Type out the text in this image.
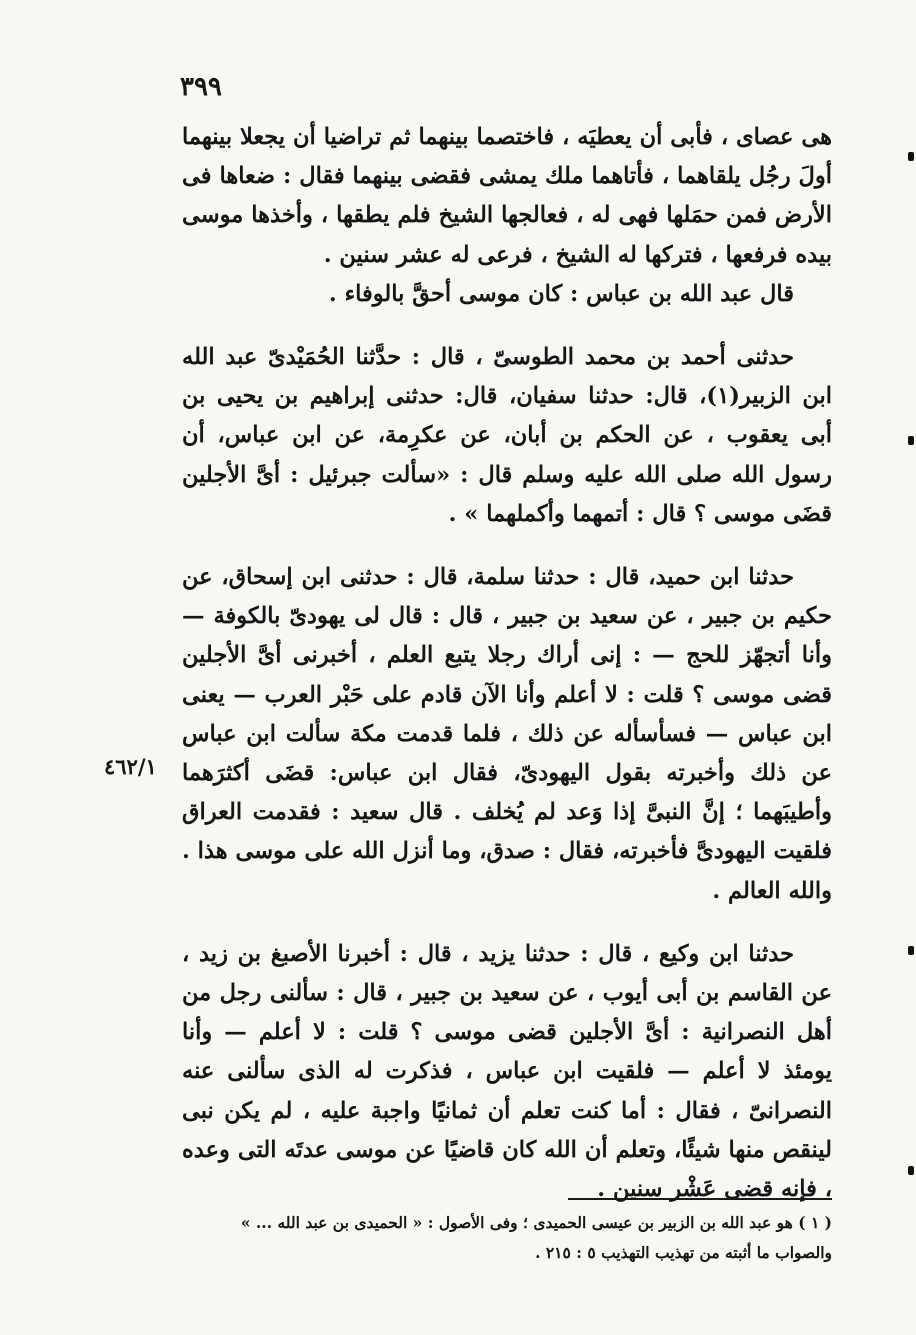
٣٩٩

هى عصاى ، فأبى أن يعطيَه ، فاختصما بينهما ثم تراضيا أن يجعلا بينهما أولَ رجُل يلقاهما ، فأتاهما ملك يمشى فقضى بينهما فقال : ضعاها فى الأرض فمن حمَلها فهى له ، فعالجها الشيخ فلم يطقها ، وأخذها موسى بيده فرفعها ، فتركها له الشيخ ، فرعى له عشر سنين .

قال عبد الله بن عباس : كان موسى أحقَّ بالوفاء .

حدثنى أحمد بن محمد الطوسىّ ، قال : حدَّثنا الحُمَيْدىّ عبد الله ابن الزبير(١)، قال: حدثنا سفيان، قال: حدثنى إبراهيم بن يحيى بن أبى يعقوب ، عن الحكم بن أبان، عن عكرِمة، عن ابن عباس، أن رسول الله صلى الله عليه وسلم قال : «سألت جبرئيل : أىَّ الأجلين قضَى موسى ؟ قال : أتمهما وأكملهما » .

حدثنا ابن حميد، قال : حدثنا سلمة، قال : حدثنى ابن إسحاق، عن حكيم بن جبير ، عن سعيد بن جبير ، قال : قال لى يهودىّ بالكوفة — وأنا أتجهّز للحج — : إنى أراك رجلا يتبع العلم ، أخبرنى أىَّ الأجلين قضى موسى ؟ قلت : لا أعلم وأنا الآن قادم على حَبْر العرب — يعنى ابن عباس — فسأسأله عن ذلك ، فلما قدمت مكة سألت ابن عباس عن ذلك وأخبرته بقول اليهودىّ، فقال ابن عباس: قضَى أكثرَهما وأطيبَهما ؛ إنَّ النبىَّ إذا وَعد لم يُخلف . قال سعيد : فقدمت العراق فلقيت اليهودىَّ فأخبرته، فقال : صدق، وما أنزل الله على موسى هذا . والله العالم .

حدثنا ابن وكيع ، قال : حدثنا يزيد ، قال : أخبرنا الأصبغ بن زيد ، عن القاسم بن أبى أيوب ، عن سعيد بن جبير ، قال : سألنى رجل من أهل النصرانية : أىَّ الأجلين قضى موسى ؟ قلت : لا أعلم — وأنا يومئذ لا أعلم — فلقيت ابن عباس ، فذكرت له الذى سألنى عنه النصرانىّ ، فقال : أما كنت تعلم أن ثمانيًا واجبة عليه ، لم يكن نبى لينقص منها شيئًا، وتعلم أن الله كان قاضيًا عن موسى عدتَه التى وعده ، فإنه قضى عَشْر سنين .

٤٦٢/١

( ١ ) هو عبد الله بن الزبير بن عيسى الحميدى ؛ وفى الأصول : « الحميدى بن عبد الله ... »

والصواب ما أثبته من تهذيب التهذيب ٥ : ٢١٥ .
